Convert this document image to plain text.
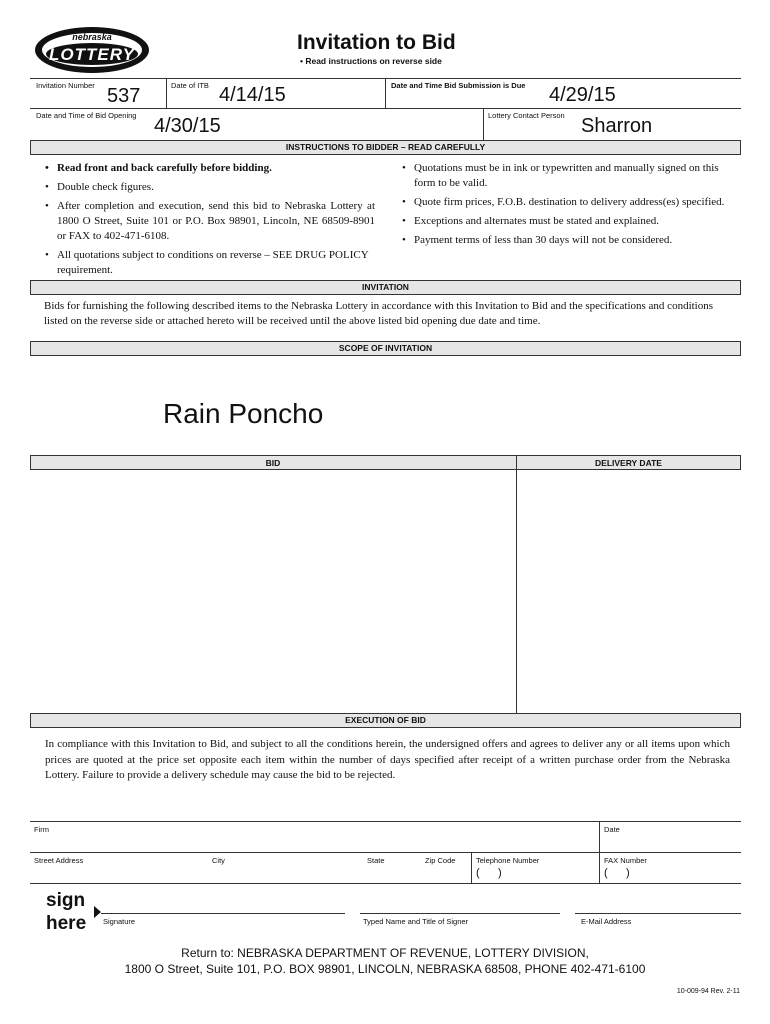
nebraska
LOTTERY
Invitation to Bid
• Read instructions on reverse side
Invitation Number 537	Date of ITB 4/14/15	Date and Time Bid Submission is Due 4/29/15
Date and Time of Bid Opening 4/30/15	Lottery Contact Person Sharron
INSTRUCTIONS TO BIDDER – READ CAREFULLY
• Read front and back carefully before bidding.
• Double check figures.
• After completion and execution, send this bid to Nebraska Lottery at 1800 O Street, Suite 101 or P.O. Box 98901, Lincoln, NE 68509-8901 or FAX to 402-471-6108.
• All quotations subject to conditions on reverse – SEE DRUG POLICY requirement.
• Quotations must be in ink or typewritten and manually signed on this form to be valid.
• Quote firm prices, F.O.B. destination to delivery address(es) specified.
• Exceptions and alternates must be stated and explained.
• Payment terms of less than 30 days will not be considered.
INVITATION
Bids for furnishing the following described items to the Nebraska Lottery in accordance with this Invitation to Bid and the specifications and conditions listed on the reverse side or attached hereto will be received until the above listed bid opening due date and time.
SCOPE OF INVITATION
Rain Poncho
BID	DELIVERY DATE
EXECUTION OF BID
In compliance with this Invitation to Bid, and subject to all the conditions herein, the undersigned offers and agrees to deliver any or all items upon which prices are quoted at the price set opposite each item within the number of days specified after receipt of a written purchase order from the Nebraska Lottery. Failure to provide a delivery schedule may cause the bid to be rejected.
Firm	Date
Street Address	City	State	Zip Code	Telephone Number
(      )
FAX Number
(      )
sign
here Signature	Typed Name and Title of Signer	E-Mail Address
Return to: NEBRASKA DEPARTMENT OF REVENUE, LOTTERY DIVISION,
1800 O Street, Suite 101, P.O. BOX 98901, LINCOLN, NEBRASKA 68508, PHONE 402-471-6100
10-009-94 Rev. 2-11
